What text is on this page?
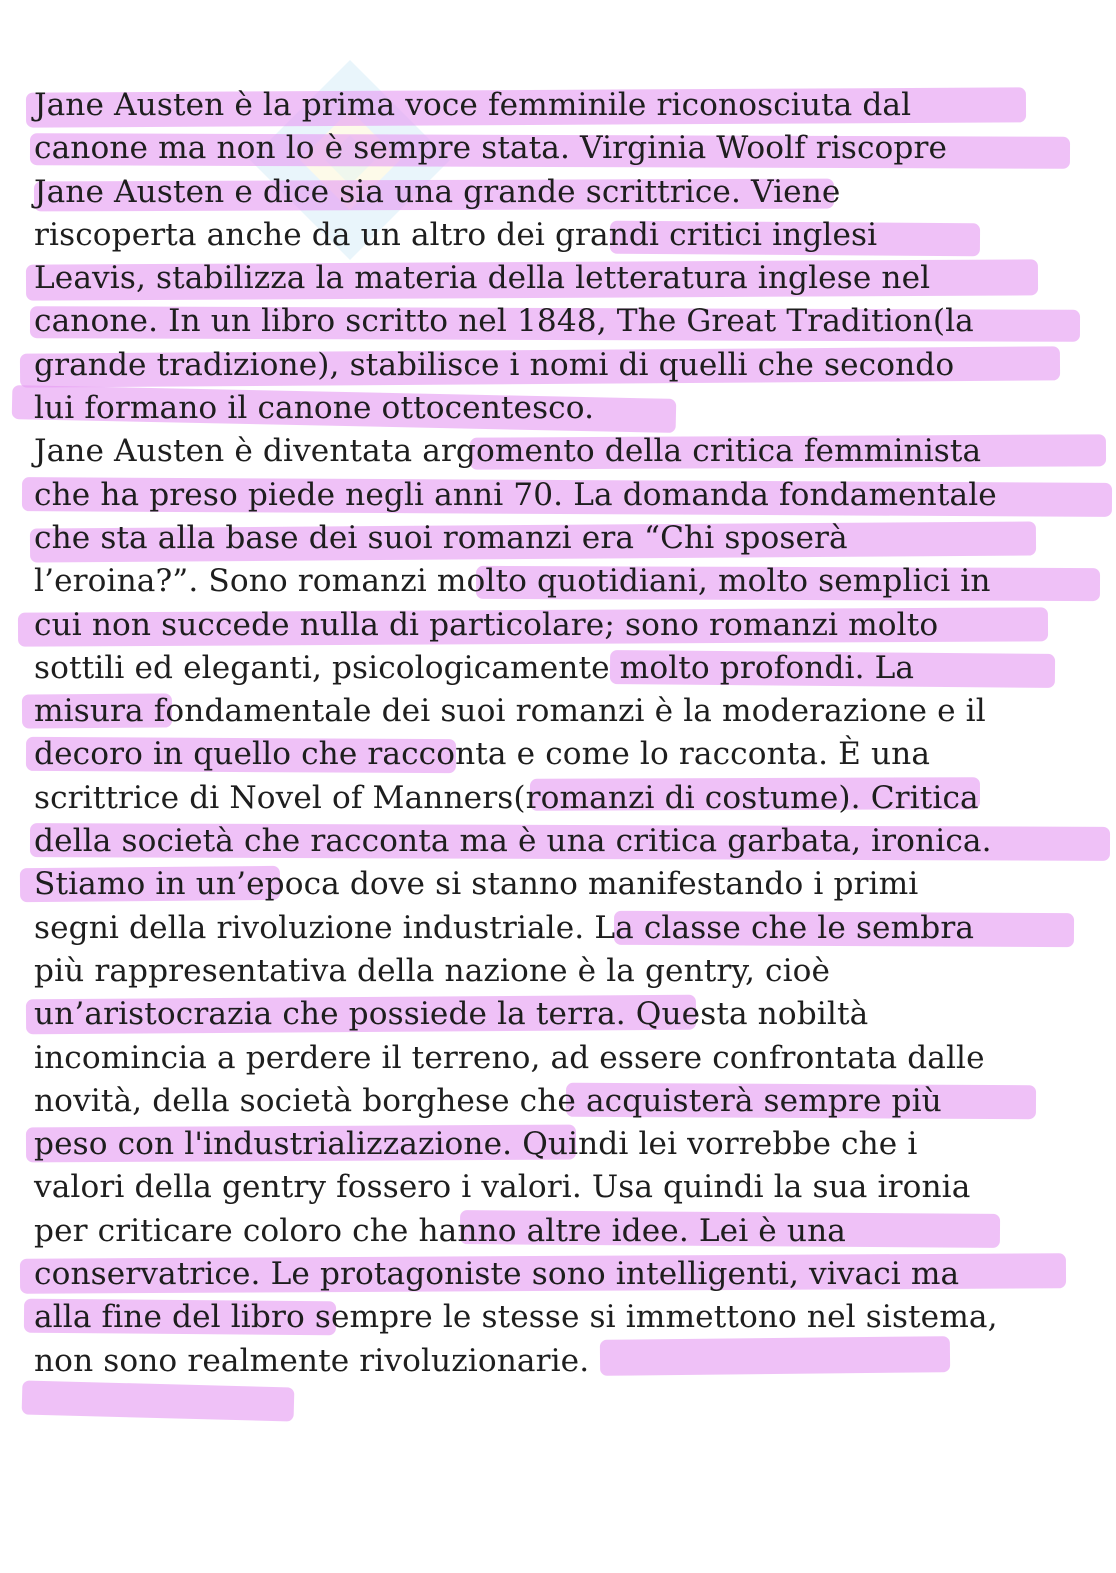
Jane Austen è la prima voce femminile riconosciuta dal
canone ma non lo è sempre stata. Virginia Woolf riscopre
Jane Austen e dice sia una grande scrittrice. Viene
riscoperta anche da un altro dei grandi critici inglesi
Leavis, stabilizza la materia della letteratura inglese nel
canone. In un libro scritto nel 1848, The Great Tradition(la
grande tradizione), stabilisce i nomi di quelli che secondo
lui formano il canone ottocentesco.
Jane Austen è diventata argomento della critica femminista
che ha preso piede negli anni 70. La domanda fondamentale
che sta alla base dei suoi romanzi era “Chi sposerà
l’eroina?”. Sono romanzi molto quotidiani, molto semplici in
cui non succede nulla di particolare; sono romanzi molto
sottili ed eleganti, psicologicamente molto profondi. La
misura fondamentale dei suoi romanzi è la moderazione e il
decoro in quello che racconta e come lo racconta. È una
scrittrice di Novel of Manners(romanzi di costume). Critica
della società che racconta ma è una critica garbata, ironica.
Stiamo in un’epoca dove si stanno manifestando i primi
segni della rivoluzione industriale. La classe che le sembra
più rappresentativa della nazione è la gentry, cioè
un’aristocrazia che possiede la terra. Questa nobiltà
incomincia a perdere il terreno, ad essere confrontata dalle
novità, della società borghese che acquisterà sempre più
peso con l'industrializzazione. Quindi lei vorrebbe che i
valori della gentry fossero i valori. Usa quindi la sua ironia
per criticare coloro che hanno altre idee. Lei è una
conservatrice. Le protagoniste sono intelligenti, vivaci ma
alla fine del libro sempre le stesse si immettono nel sistema,
non sono realmente rivoluzionarie.
